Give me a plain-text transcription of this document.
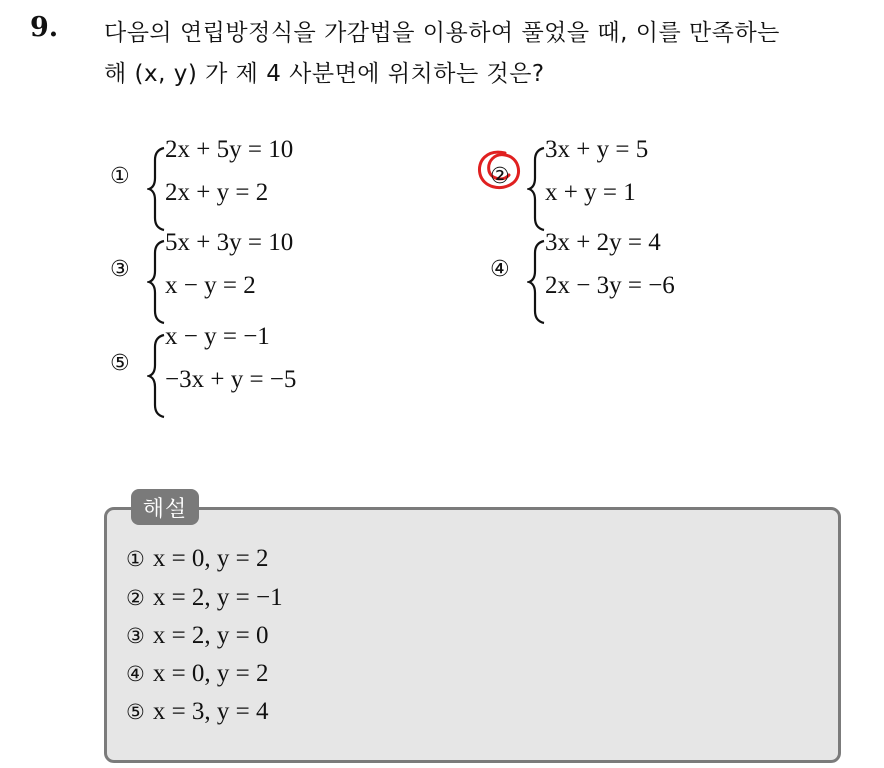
9. 다음의 연립방정식을 가감법을 이용하여 풀었을 때, 이를 만족하는
해 (x, y) 가 제 4 사분면에 위치하는 것은?
①
2x + 5y = 10
2x + y = 2
②
3x + y = 5
x + y = 1
③
5x + 3y = 10
x − y = 2
④
3x + 2y = 4
2x − 3y = −6
⑤
x − y = −1
−3x + y = −5
해설
① x = 0, y = 2
② x = 2, y = −1
③ x = 2, y = 0
④ x = 0, y = 2
⑤ x = 3, y = 4
